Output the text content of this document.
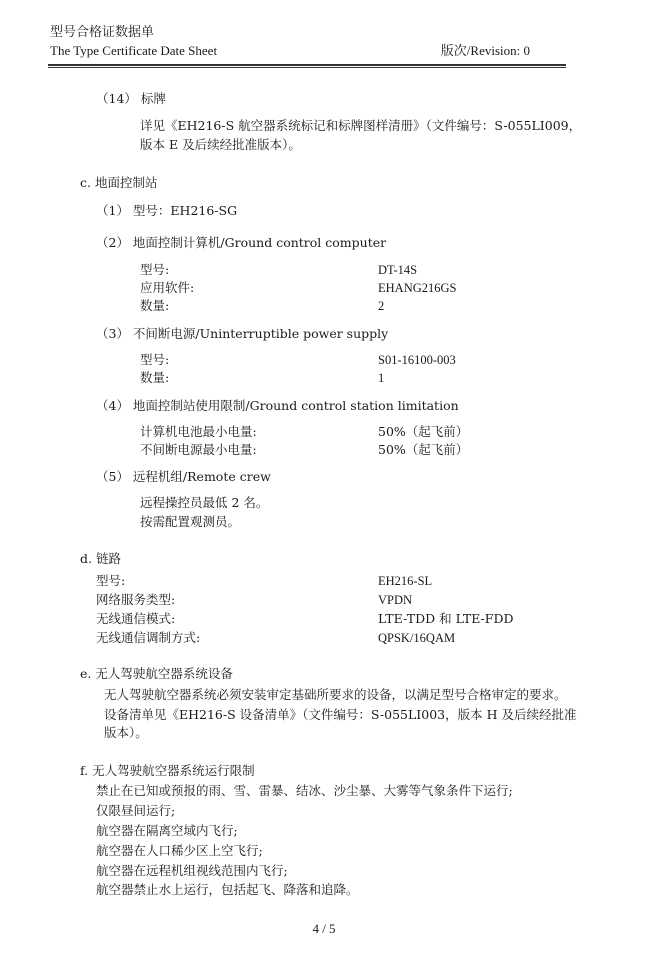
型号合格证数据单
The Type Certificate Date Sheet	版次/Revision: 0
（14） 标牌
详见《EH216-S 航空器系统标记和标牌图样清册》（文件编号：S-055LI009，
版本 E 及后续经批准版本）。
c. 地面控制站
（1） 型号：EH216-SG
（2） 地面控制计算机/Ground control computer
型号:	DT-14S
应用软件:	EHANG216GS
数量:	2
（3） 不间断电源/Uninterruptible power supply
型号:	S01-16100-003
数量:	1
（4） 地面控制站使用限制/Ground control station limitation
计算机电池最小电量:	50%（起飞前）
不间断电源最小电量:	50%（起飞前）
（5） 远程机组/Remote crew
远程操控员最低 2 名。
按需配置观测员。
d. 链路
型号:	EH216-SL
网络服务类型:	VPDN
无线通信模式:	LTE-TDD 和 LTE-FDD
无线通信调制方式:	QPSK/16QAM
e. 无人驾驶航空器系统设备
无人驾驶航空器系统必须安装审定基础所要求的设备，以满足型号合格审定的要求。
设备清单见《EH216-S 设备清单》（文件编号：S-055LI003，版本 H 及后续经批准
版本）。
f. 无人驾驶航空器系统运行限制
禁止在已知或预报的雨、雪、雷暴、结冰、沙尘暴、大雾等气象条件下运行;
仅限昼间运行;
航空器在隔离空域内飞行;
航空器在人口稀少区上空飞行;
航空器在远程机组视线范围内飞行;
航空器禁止水上运行，包括起飞、降落和追降。
4 / 5
